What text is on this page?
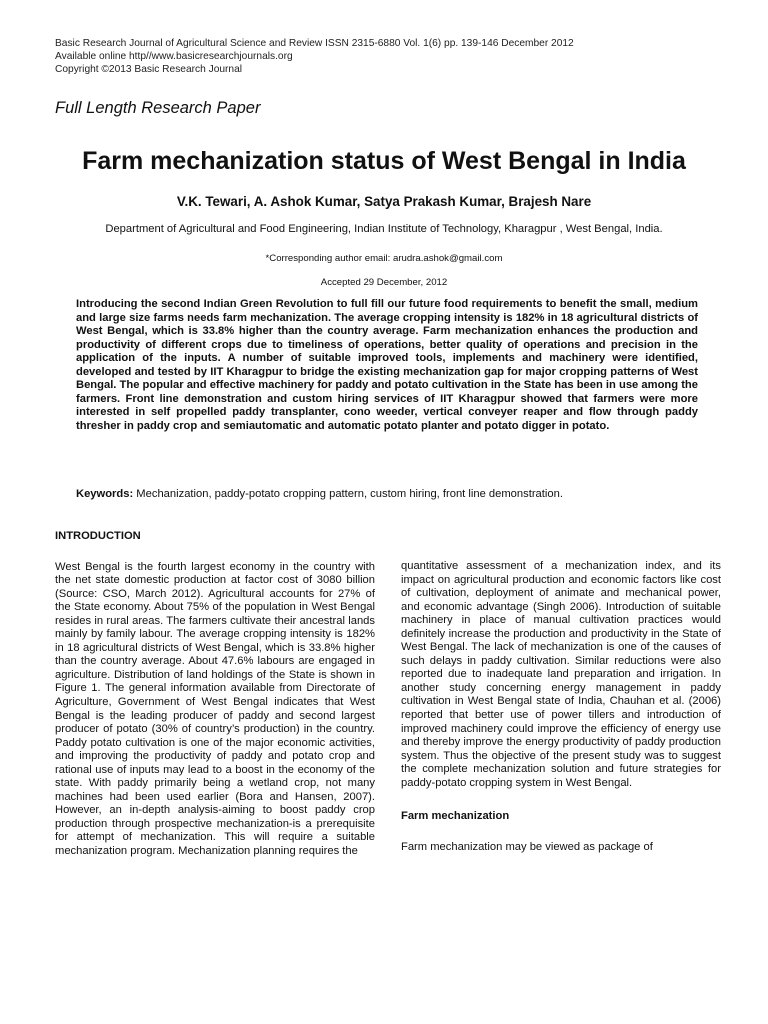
Basic Research Journal of Agricultural Science and Review ISSN 2315-6880 Vol. 1(6) pp. 139-146 December 2012
Available online http//www.basicresearchjournals.org
Copyright ©2013 Basic Research Journal
Full Length Research Paper
Farm mechanization status of West Bengal in India
V.K. Tewari, A. Ashok Kumar, Satya Prakash Kumar, Brajesh Nare
Department of Agricultural and Food Engineering, Indian Institute of Technology, Kharagpur , West Bengal, India.
*Corresponding author email: arudra.ashok@gmail.com
Accepted 29 December, 2012

Introducing the second Indian Green Revolution to full fill our future food requirements to benefit the small, medium and large size farms needs farm mechanization. The average cropping intensity is 182% in 18 agricultural districts of West Bengal, which is 33.8% higher than the country average. Farm mechanization enhances the production and productivity of different crops due to timeliness of operations, better quality of operations and precision in the application of the inputs. A number of suitable improved tools, implements and machinery were identified, developed and tested by IIT Kharagpur to bridge the existing mechanization gap for major cropping patterns of West Bengal. The popular and effective machinery for paddy and potato cultivation in the State has been in use among the farmers. Front line demonstration and custom hiring services of IIT Kharagpur showed that farmers were more interested in self propelled paddy transplanter, cono weeder, vertical conveyer reaper and flow through paddy thresher in paddy crop and semiautomatic and automatic potato planter and potato digger in potato.

Keywords: Mechanization, paddy-potato cropping pattern, custom hiring, front line demonstration.
INTRODUCTION

West Bengal is the fourth largest economy in the country with the net state domestic production at factor cost of 3080 billion (Source: CSO, March 2012). Agricultural accounts for 27% of the State economy. About 75% of the population in West Bengal resides in rural areas. The farmers cultivate their ancestral lands mainly by family labour. The average cropping intensity is 182% in 18 agricultural districts of West Bengal, which is 33.8% higher than the country average. About 47.6% labours are engaged in agriculture. Distribution of land holdings of the State is shown in Figure 1. The general information available from Directorate of Agriculture, Government of West Bengal indicates that West Bengal is the leading producer of paddy and second largest producer of potato (30% of country’s production) in the country. Paddy potato cultivation is one of the major economic activities, and improving the productivity of paddy and potato crop and rational use of inputs may lead to a boost in the economy of the state. With paddy primarily being a wetland crop, not many machines had been used earlier (Bora and Hansen, 2007). However, an in-depth analysis-aiming to boost paddy crop production through prospective mechanization-is a prerequisite for attempt of mechanization. This will require a suitable mechanization program. Mechanization planning requires the

quantitative assessment of a mechanization index, and its impact on agricultural production and economic factors like cost of cultivation, deployment of animate and mechanical power, and economic advantage (Singh 2006). Introduction of suitable machinery in place of manual cultivation practices would definitely increase the production and productivity in the State of West Bengal. The lack of mechanization is one of the causes of such delays in paddy cultivation. Similar reductions were also reported due to inadequate land preparation and irrigation. In another study concerning energy management in paddy cultivation in West Bengal state of India, Chauhan et al. (2006) reported that better use of power tillers and introduction of improved machinery could improve the efficiency of energy use and thereby improve the energy productivity of paddy production system. Thus the objective of the present study was to suggest the complete mechanization solution and future strategies for paddy-potato cropping system in West Bengal.

Farm mechanization

Farm mechanization may be viewed as package of
